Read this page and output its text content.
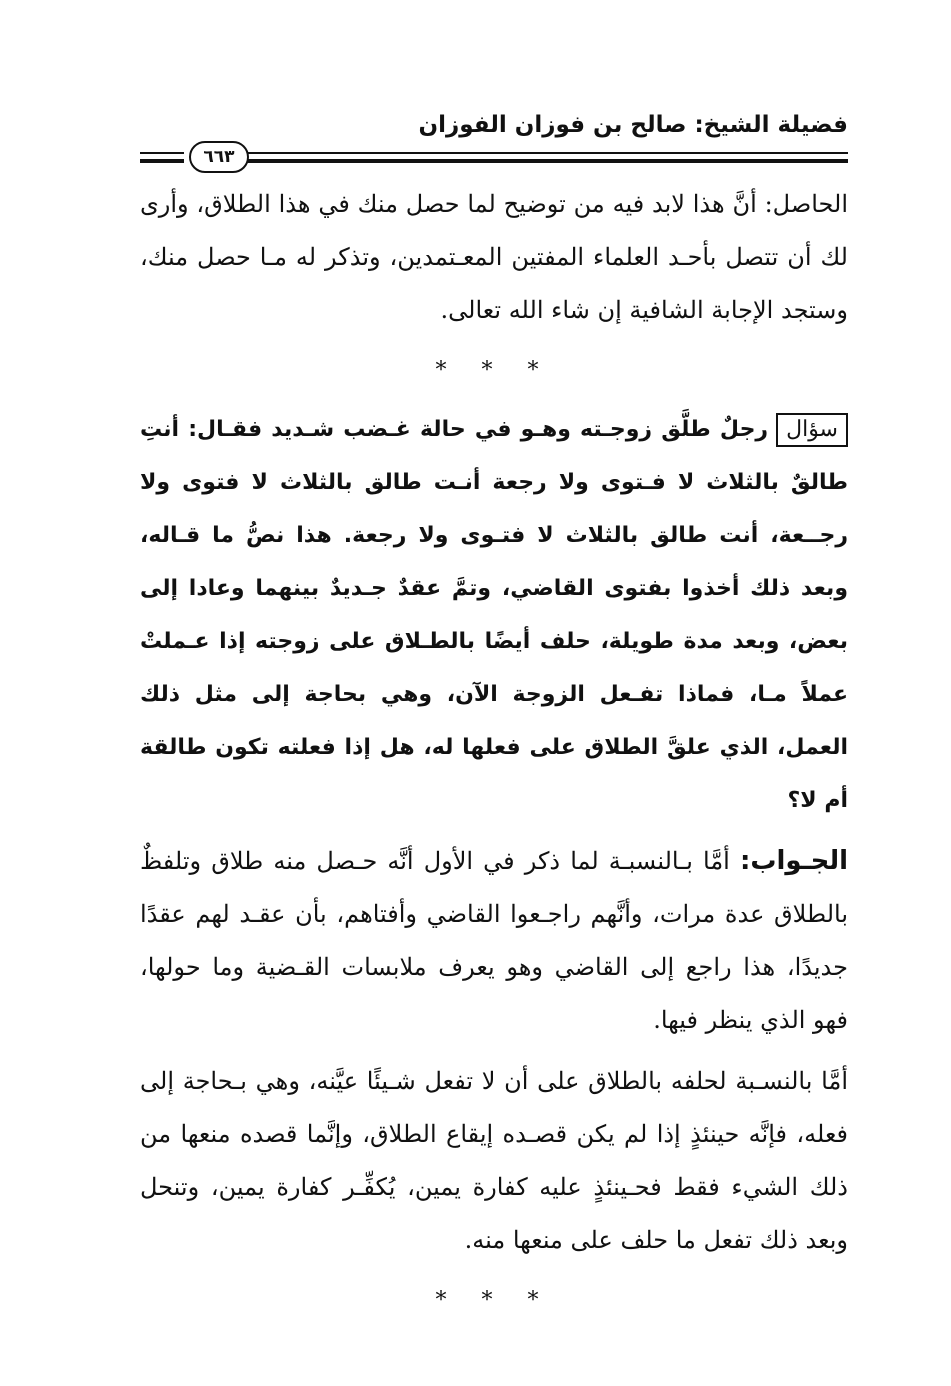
فضيلة الشيخ: صالح بن فوزان الفوزان
٦٦٣

الحاصل: أنَّ هذا لابد فيه من توضيح لما حصل منك في هذا الطلاق، وأرى لك أن تتصل بأحـد العلماء المفتين المعـتمدين، وتذكر له مـا حصل منك، وستجد الإجابة الشافية إن شاء الله تعالى.

* * *

سؤالرجلٌ طلَّق زوجـته وهـو في حالة غـضب شـديد فقـال: أنتِ طالقٌ بالثلاث لا فـتوى ولا رجعة أنـت طالق بالثلاث لا فتوى ولا رجــعة، أنت طالق بالثلاث لا فتـوى ولا رجعة. هذا نصُّ ما قـاله، وبعد ذلك أخذوا بفتوى القاضي، وتمَّ عقدٌ جـديدٌ بينهما وعادا إلى بعض، وبعد مدة طويلة، حلف أيضًا بالطـلاق على زوجته إذا عـملتْ عملاً مـا، فماذا تفـعل الزوجة الآن، وهي بحاجة إلى مثل ذلك العمل، الذي علقَّ الطلاق على فعلها له، هل إذا فعلته تكون طالقة أم لا؟

الجـواب: أمَّا بـالنسبـة لما ذكر في الأول أنَّه حـصل منه طلاق وتلفظٌ بالطلاق عدة مرات، وأنَّهم راجـعوا القاضي وأفتاهم، بأن عقـد لهم عقدًا جديدًا، هذا راجع إلى القاضي وهو يعرف ملابسات القـضية وما حولها، فهو الذي ينظر فيها.

أمَّا بالنسـبة لحلفه بالطلاق على أن لا تفعل شـيئًا عيَّنه، وهي بـحاجة إلى فعله، فإنَّه حينئذٍ إذا لم يكن قصـده إيقاع الطلاق، وإنَّما قصده منعها من ذلك الشيء فقط فحـينئذٍ عليه كفارة يمين، يُكفِّـر كفارة يمين، وتنحل وبعد ذلك تفعل ما حلف على منعها منه.

* * *
